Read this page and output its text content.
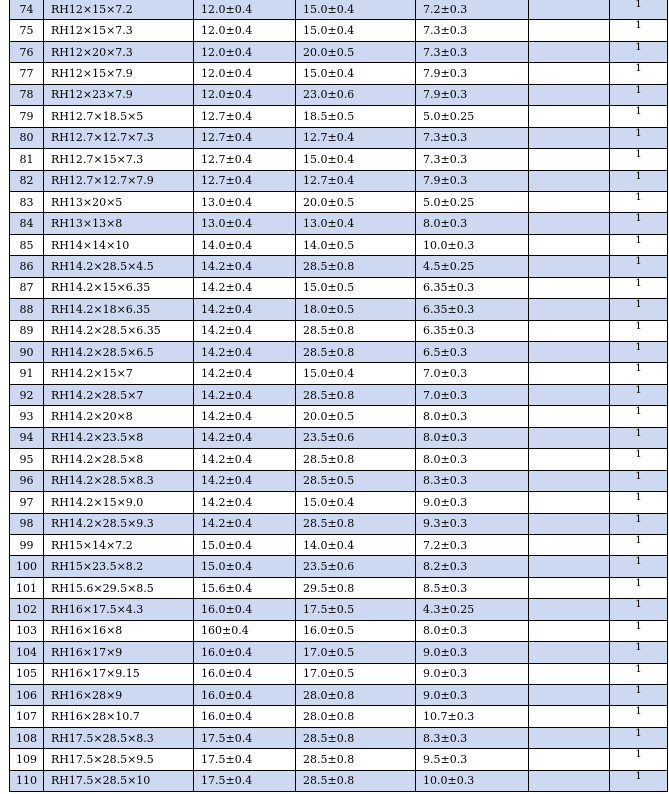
74	RH12×15×7.2	12.0±0.4	15.0±0.4	7.2±0.3		1
75	RH12×15×7.3	12.0±0.4	15.0±0.4	7.3±0.3		1
76	RH12×20×7.3	12.0±0.4	20.0±0.5	7.3±0.3		1
77	RH12×15×7.9	12.0±0.4	15.0±0.4	7.9±0.3		1
78	RH12×23×7.9	12.0±0.4	23.0±0.6	7.9±0.3		1
79	RH12.7×18.5×5	12.7±0.4	18.5±0.5	5.0±0.25		1
80	RH12.7×12.7×7.3	12.7±0.4	12.7±0.4	7.3±0.3		1
81	RH12.7×15×7.3	12.7±0.4	15.0±0.4	7.3±0.3		1
82	RH12.7×12.7×7.9	12.7±0.4	12.7±0.4	7.9±0.3		1
83	RH13×20×5	13.0±0.4	20.0±0.5	5.0±0.25		1
84	RH13×13×8	13.0±0.4	13.0±0.4	8.0±0.3		1
85	RH14×14×10	14.0±0.4	14.0±0.5	10.0±0.3		1
86	RH14.2×28.5×4.5	14.2±0.4	28.5±0.8	4.5±0.25		1
87	RH14.2×15×6.35	14.2±0.4	15.0±0.5	6.35±0.3		1
88	RH14.2×18×6.35	14.2±0.4	18.0±0.5	6.35±0.3		1
89	RH14.2×28.5×6.35	14.2±0.4	28.5±0.8	6.35±0.3		1
90	RH14.2×28.5×6.5	14.2±0.4	28.5±0.8	6.5±0.3		1
91	RH14.2×15×7	14.2±0.4	15.0±0.4	7.0±0.3		1
92	RH14.2×28.5×7	14.2±0.4	28.5±0.8	7.0±0.3		1
93	RH14.2×20×8	14.2±0.4	20.0±0.5	8.0±0.3		1
94	RH14.2×23.5×8	14.2±0.4	23.5±0.6	8.0±0.3		1
95	RH14.2×28.5×8	14.2±0.4	28.5±0.8	8.0±0.3		1
96	RH14.2×28.5×8.3	14.2±0.4	28.5±0.5	8.3±0.3		1
97	RH14.2×15×9.0	14.2±0.4	15.0±0.4	9.0±0.3		1
98	RH14.2×28.5×9.3	14.2±0.4	28.5±0.8	9.3±0.3		1
99	RH15×14×7.2	15.0±0.4	14.0±0.4	7.2±0.3		1
100	RH15×23.5×8.2	15.0±0.4	23.5±0.6	8.2±0.3		1
101	RH15.6×29.5×8.5	15.6±0.4	29.5±0.8	8.5±0.3		1
102	RH16×17.5×4.3	16.0±0.4	17.5±0.5	4.3±0.25		1
103	RH16×16×8	160±0.4	16.0±0.5	8.0±0.3		1
104	RH16×17×9	16.0±0.4	17.0±0.5	9.0±0.3		1
105	RH16×17×9.15	16.0±0.4	17.0±0.5	9.0±0.3		1
106	RH16×28×9	16.0±0.4	28.0±0.8	9.0±0.3		1
107	RH16×28×10.7	16.0±0.4	28.0±0.8	10.7±0.3		1
108	RH17.5×28.5×8.3	17.5±0.4	28.5±0.8	8.3±0.3		1
109	RH17.5×28.5×9.5	17.5±0.4	28.5±0.8	9.5±0.3		1
110	RH17.5×28.5×10	17.5±0.4	28.5±0.8	10.0±0.3		1
